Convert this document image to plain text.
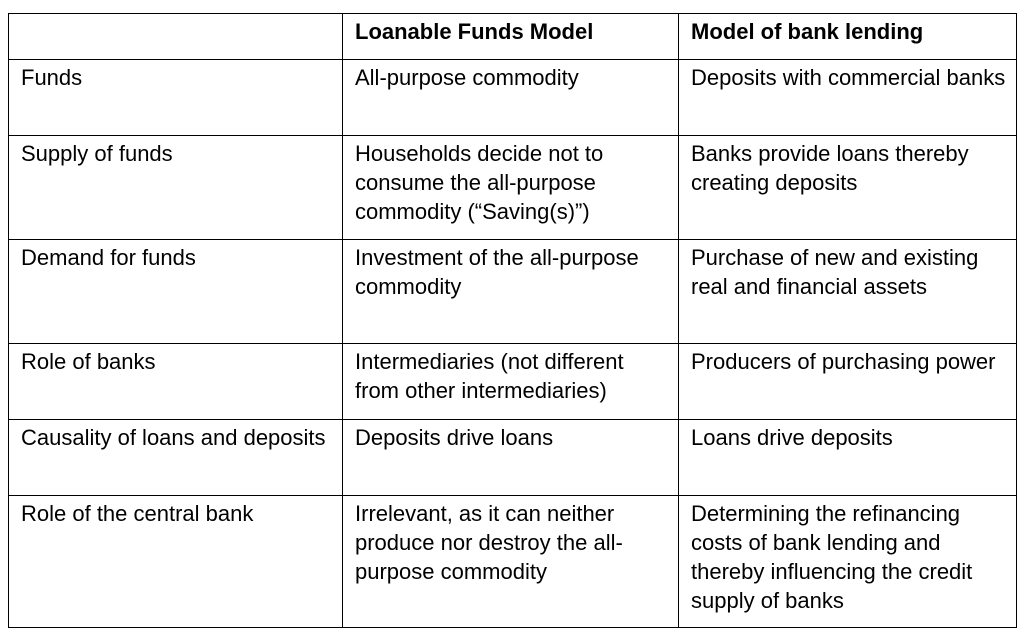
	Loanable Funds Model	Model of bank lending
Funds	All-purpose commodity	Deposits with commercial banks
Supply of funds	Households decide not to consume the all-purpose commodity (“Saving(s)”)	Banks provide loans thereby creating deposits
Demand for funds	Investment of the all-purpose commodity	Purchase of new and existing real and financial assets
Role of banks	Intermediaries (not different from other intermediaries)	Producers of purchasing power
Causality of loans and deposits	Deposits drive loans	Loans drive deposits
Role of the central bank	Irrelevant, as it can neither produce nor destroy the all-purpose commodity	Determining the refinancing costs of bank lending and thereby influencing the credit supply of banks
